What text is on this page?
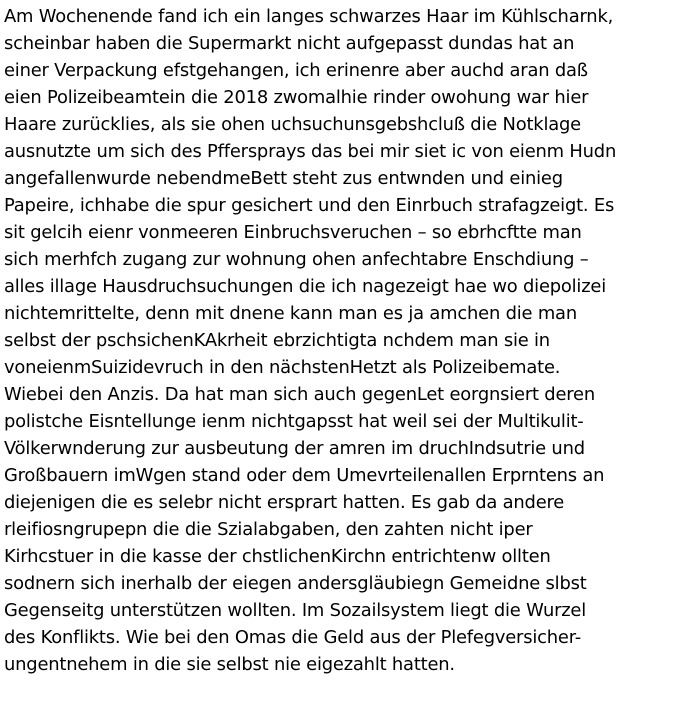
Am Wochenende fand ich ein langes schwarzes Haar im Kühlscharnk,
scheinbar haben die Supermarkt nicht aufgepasst dundas hat an
einer Verpackung efstgehangen, ich erinenre aber auchd aran daß
eien Polizeibeamtein die 2018 zwomalhie rinder owohung war hier
Haare zurücklies, als sie ohen uchsuchunsgebshcluß die Notklage
ausnutzte um sich des Pffersprays das bei mir siet ic von eienm Hudn
angefallenwurde nebendmeBett steht zus entwnden und einieg
Papeire, ichhabe die spur gesichert und den Einrbuch strafagzeigt. Es
sit gelcih eienr vonmeeren Einbruchsveruchen – so ebrhcftte man
sich merhfch zugang zur wohnung ohen anfechtabre Enschdiung –
alles illage Hausdruchsuchungen die ich nagezeigt hae wo diepolizei
nichtemrittelte, denn mit dnene kann man es ja amchen die man
selbst der pschsichenKAkrheit ebrzichtigta nchdem man sie in
voneienmSuizidevruch in den nächstenHetzt als Polizeibemate.
Wiebei den Anzis. Da hat man sich auch gegenLet eorgnsiert deren
polistche Eisntellunge ienm nichtgapsst hat weil sei der Multikulit-
Völkerwnderung zur ausbeutung der amren im druchIndsutrie und
Großbauern imWgen stand oder dem Umevrteilenallen Erprntens an
diejenigen die es selebr nicht ersprart hatten. Es gab da andere
rleifiosngrupepn die die Szialabgaben, den zahten nicht iper
Kirhcstuer in die kasse der chstlichenKirchn entrichtenw ollten
sodnern sich inerhalb der eiegen andersgläubiegn Gemeidne slbst
Gegenseitg unterstützen wollten. Im Sozailsystem liegt die Wurzel
des Konflikts. Wie bei den Omas die Geld aus der Plefegversicher-
ungentnehem in die sie selbst nie eigezahlt hatten.
